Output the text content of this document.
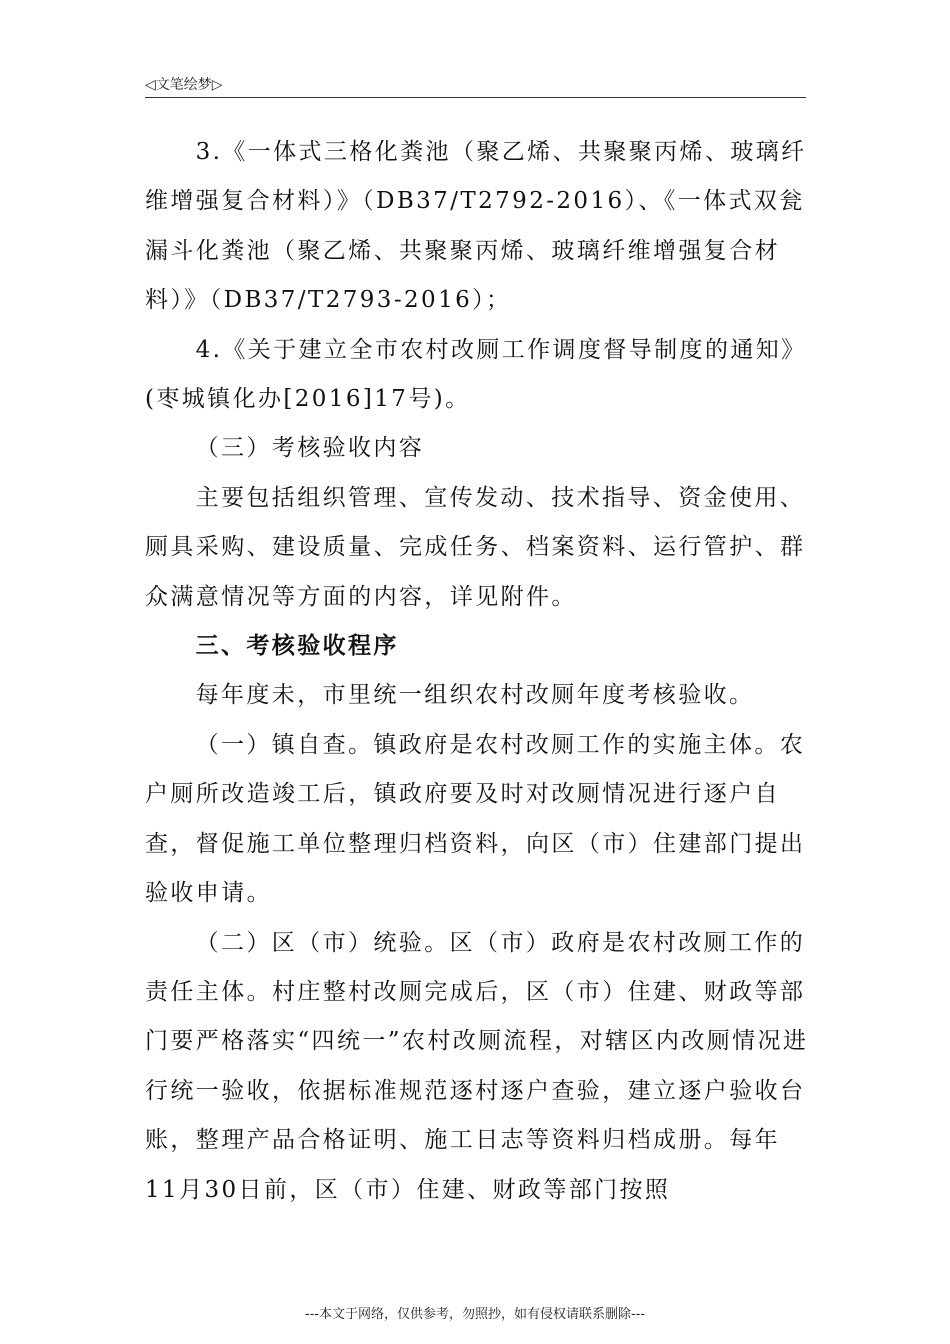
◁文笔绘梦▷

3.《一体式三格化粪池（聚乙烯、共聚聚丙烯、玻璃纤维增强复合材料）》（DB37/T2792-2016）、《一体式双瓮漏斗化粪池（聚乙烯、共聚聚丙烯、玻璃纤维增强复合材料）》（DB37/T2793-2016）；

4.《关于建立全市农村改厕工作调度督导制度的通知》(枣城镇化办[2016]17号)。

（三）考核验收内容

主要包括组织管理、宣传发动、技术指导、资金使用、厕具采购、建设质量、完成任务、档案资料、运行管护、群众满意情况等方面的内容，详见附件。

三、考核验收程序

每年度未，市里统一组织农村改厕年度考核验收。

（一）镇自查。镇政府是农村改厕工作的实施主体。农户厕所改造竣工后，镇政府要及时对改厕情况进行逐户自查，督促施工单位整理归档资料，向区（市）住建部门提出验收申请。

（二）区（市）统验。区（市）政府是农村改厕工作的责任主体。村庄整村改厕完成后，区（市）住建、财政等部门要严格落实“四统一”农村改厕流程，对辖区内改厕情况进行统一验收，依据标准规范逐村逐户查验，建立逐户验收台账，整理产品合格证明、施工日志等资料归档成册。每年11月30日前，区（市）住建、财政等部门按照

---本文于网络，仅供参考，勿照抄，如有侵权请联系删除---
